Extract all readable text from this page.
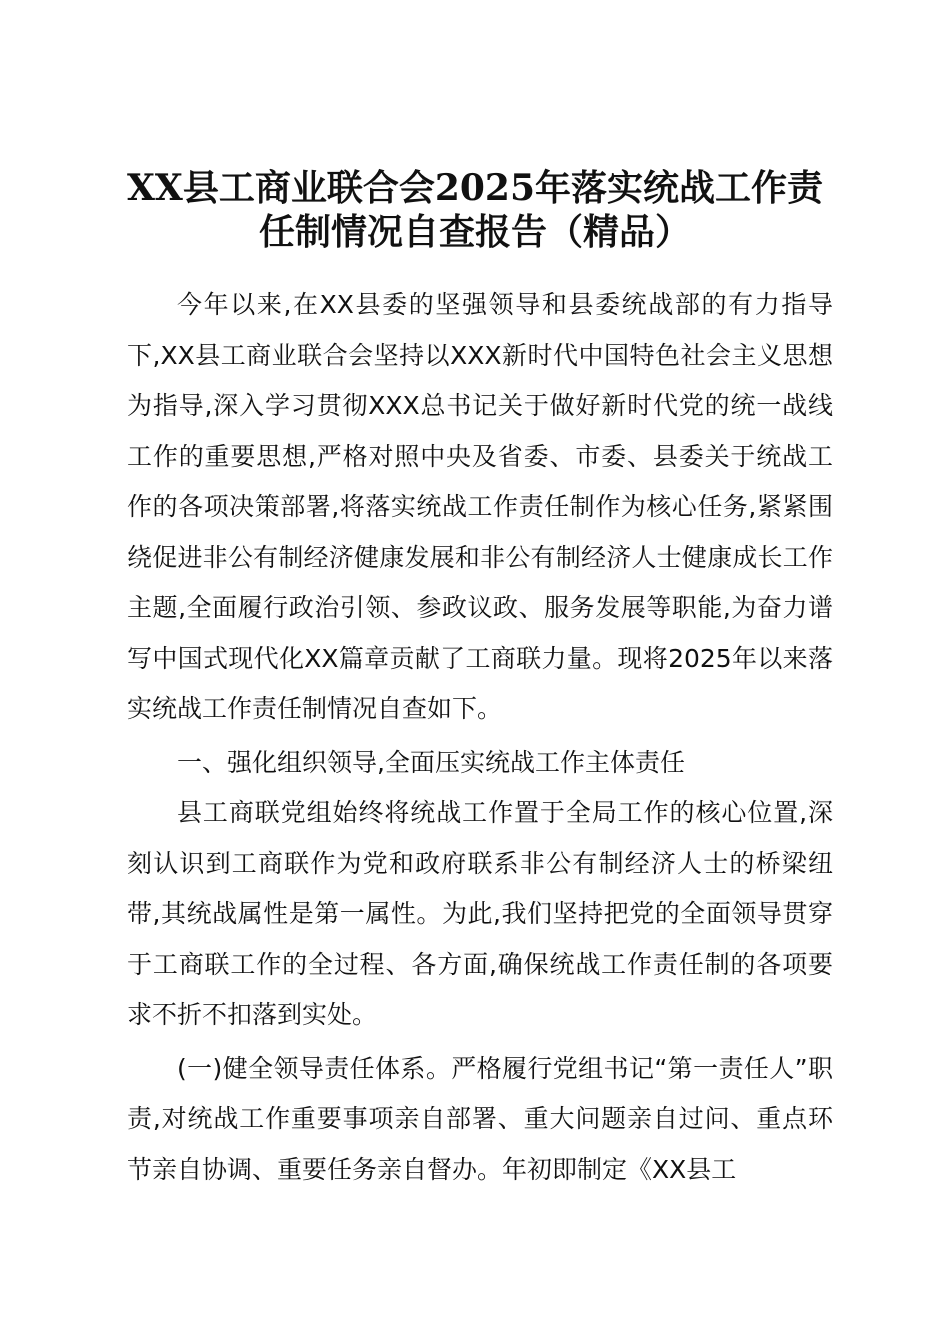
XX县工商业联合会2025年落实统战工作责任制情况自查报告（精品）

今年以来,在XX县委的坚强领导和县委统战部的有力指导下,XX县工商业联合会坚持以XXX新时代中国特色社会主义思想为指导,深入学习贯彻XXX总书记关于做好新时代党的统一战线工作的重要思想,严格对照中央及省委、市委、县委关于统战工作的各项决策部署,将落实统战工作责任制作为核心任务,紧紧围绕促进非公有制经济健康发展和非公有制经济人士健康成长工作主题,全面履行政治引领、参政议政、服务发展等职能,为奋力谱写中国式现代化XX篇章贡献了工商联力量。现将2025年以来落实统战工作责任制情况自查如下。

一、强化组织领导,全面压实统战工作主体责任

县工商联党组始终将统战工作置于全局工作的核心位置,深刻认识到工商联作为党和政府联系非公有制经济人士的桥梁纽带,其统战属性是第一属性。为此,我们坚持把党的全面领导贯穿于工商联工作的全过程、各方面,确保统战工作责任制的各项要求不折不扣落到实处。

(一)健全领导责任体系。严格履行党组书记“第一责任人”职责,对统战工作重要事项亲自部署、重大问题亲自过问、重点环节亲自协调、重要任务亲自督办。年初即制定《XX县工
